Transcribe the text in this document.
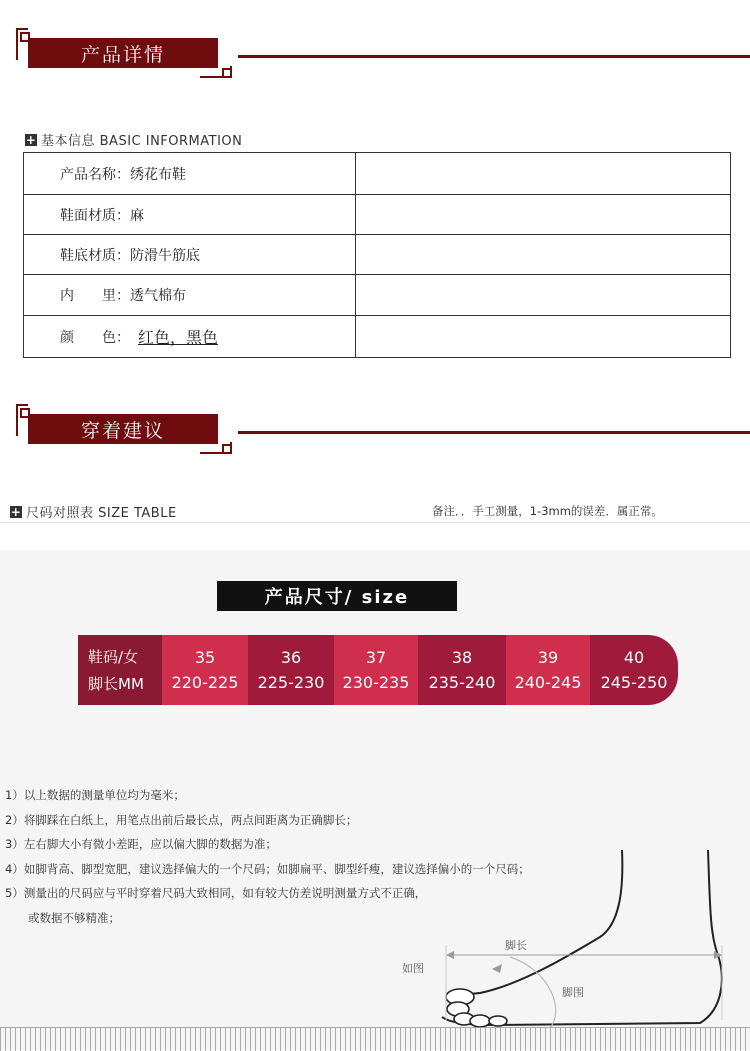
产品详情
+ 基本信息 BASIC INFORMATION
产品名称： 绣花布鞋
鞋面材质： 麻
鞋底材质： 防滑牛筋底
内　　里： 透气棉布
颜　　色： 红色，黑色
穿着建议
+ 尺码对照表 SIZE TABLE	备注．．手工测量，1-3mm的误差．属正常。
产品尺寸/ size
鞋码/女
脚长MM
35
220-225
36
225-230
37
230-235
38
235-240
39
240-245
40
245-250
1）以上数据的测量单位均为毫米；
2）将脚踩在白纸上，用笔点出前后最长点，两点间距离为正确脚长；
3）左右脚大小有微小差距，应以偏大脚的数据为准；
4）如脚背高、脚型宽肥，建议选择偏大的一个尺码；如脚扁平、脚型纤瘦，建议选择偏小的一个尺码；
5）测量出的尺码应与平时穿着尺码大致相同，如有较大仿差说明测量方式不正确，
　　或数据不够精准；
如图
脚长
脚围
